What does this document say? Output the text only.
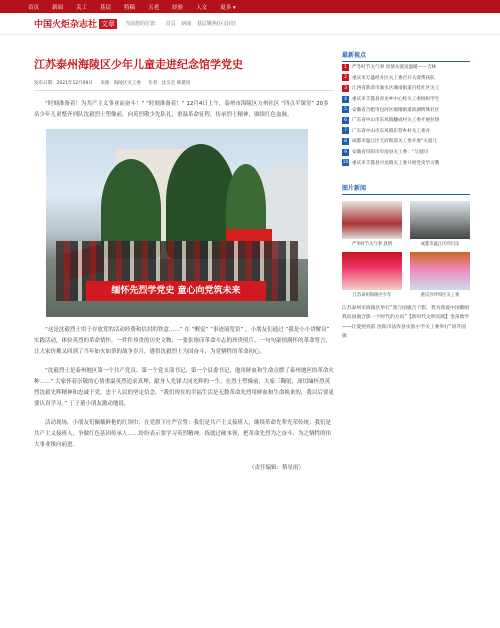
首页 新闻 关工 基层 特稿 五老 经验 人文 更多 ▾
中国火炬杂志社 文章	当前您的位置： 首页 新闻 基层聚焦(区县份)
江苏泰州海陵区少年儿童走进纪念馆学党史
发布日期：2021年12月09日 来源：海陵区关工委 作者：沈友宏 韩建同

“时刻准备着！为共产主义事业而奋斗！” “时刻准备着！” 12月4日上午，泰州市海陵区方州社区 “四点半课堂” 20多名少年儿童整齐列队沈毅烈士塑像前，向英烈敬少先队礼，重温革命征程，传承烈士精神，赓续红色血脉。

缅怀先烈学党史 童心向党筑未来

“这是沈毅烈士用于存放党的活动经费和信封的铁盒……” 在 “醒觉” “事迹展览馆” ，小朋友们通过 “我是小小讲解员” 实践活动，体验英烈的革命情怀。一件件珍贵的历史文物、一张张烙印革命斗志的珍贵照片、一句句豪情满怀的革命誓言，让大家仿佛又回到了当年如火如荼的战争岁月，感悟沈毅烈士为国奋斗、为党牺牲的革命初心。

“沈毅烈士是泰州地区第一个共产党员、第一个党支部书记、第一个县委书记，他用鲜血和生命点燃了泰州地区的革命火种……” 大家怀着崇敬的心情重温英烈追求真理、献身人先锋大同光辉的一生。在烈士塑像前，大家三鞠躬，深切缅怀烈英烈沈毅光辉精神和忠诚于党、忠于人民的坚定信念。“我们现在的幸福生活是无数革命先烈用鲜血和生命换来的，我以后要更要认真学习。” 丁子董小朋友激动地说。

活动现场，小朋友们佩戴鲜艳的红领巾，在党旗下庄严宣誓：我们是共产主义接班人，继续革命先辈光荣传统；我们是共产主义接班人，争做红色基因传承人……纷纷表示要学习英烈精神，练就过硬本领，把革命先烈为之奋斗、为之牺牲的伟大事业推向前进。

（责任编辑：蔡星雨）
最新视点
1	严冬时节关气事 真情关爱送温暖——吉林
2	重庆市万盛经开区关工委召开关爱帮扶队
3	江西省新余市渝水区城南街道百桂社区关工
4	重庆市丰都县青龙乡中心校关工委组织学生
5	安徽省合肥市包河区烟墩街道滨湖明珠社区
6	广东省中山市东凤镇穗成村关工委开展拉络
7	广东省中山市东凤镇东营乡村关工委开
8	成都市温江区天府街道关工委开展“关爱儿
9	安徽省阜阳市阜南县关工委：“与爱同
10 重庆市丰都县兴龙镇关工委开展党史学习教
图片新闻
严冬时节关气事 真情	成都市温江区四川乐
江苏泰州海陵区少年	重庆沙坪坝区关工委

江苏泰州市海陵区举行“我与国旗合个影，我为我爱中国歌唱 我向国旗合影一个时代的方向”【新时代文明实践】金帛救学——让爱照亮前 沈阳市法库县实验小学关工委举行“同升国旗
